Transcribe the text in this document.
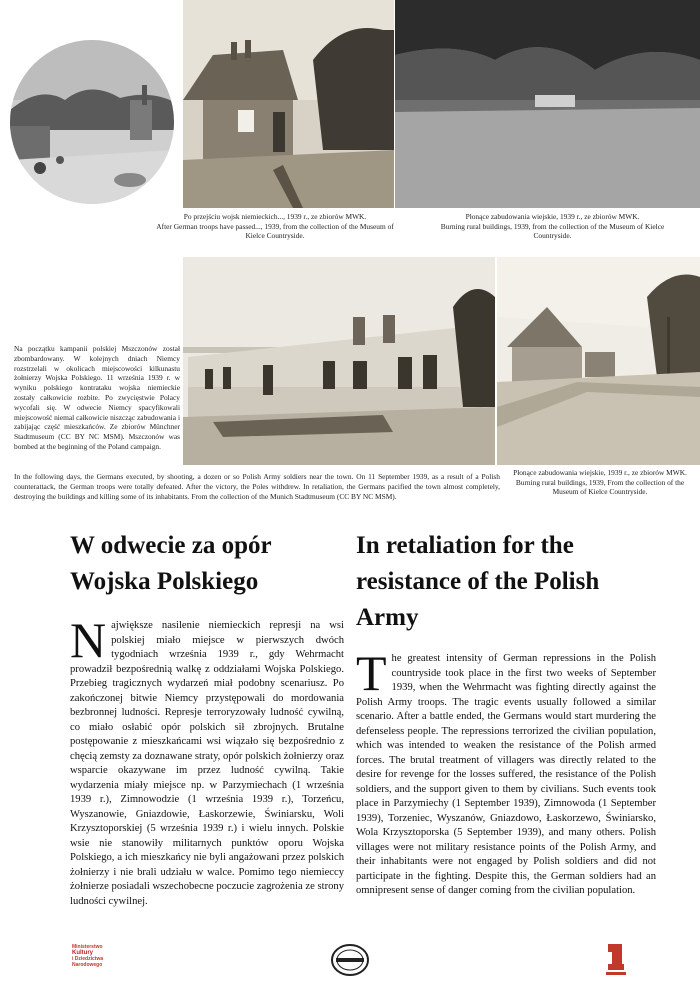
Po przejściu wojsk niemieckich..., 1939 r., ze zbiorów MWK.
After German troops have passed..., 1939, from the collection of the Museum of Kielce Countryside.
Płonące zabudowania wiejskie, 1939 r., ze zbiorów MWK.
Burning rural buildings, 1939, from the collection of the Museum of Kielce Countryside.

Na początku kampanii polskiej Mszczonów został zbombardowany. W kolejnych dniach Niemcy rozstrzelali w okolicach miejscowości kilkunastu żołnierzy Wojska Polskiego. 11 września 1939 r. w wyniku polskiego kontrataku wojska niemieckie zostały całkowicie rozbite. Po zwycięstwie Polacy wycofali się. W odwecie Niemcy spacyfikowali miejscowość niemal całkowicie niszcząc zabudowania i zabijając część mieszkańców. Ze zbiorów Münchner Stadtmuseum (CC BY NC MSM). Mszczonów was bombed at the beginning of the Poland campaign.

In the following days, the Germans executed, by shooting, a dozen or so Polish Army soldiers near the town. On 11 September 1939, as a result of a Polish counterattack, the German troops were totally defeated. After the victory, the Poles withdrew. In retaliation, the Germans pacified the town almost completely, destroying the buildings and killing some of its inhabitants. From the collection of the Munich Stadtmuseum (CC BY NC MSM).

Płonące zabudowania wiejskie, 1939 r., ze zbiorów MWK.
Burning rural buildings, 1939, From the collection of the Museum of Kielce Countryside.
W odwecie za opór Wojska Polskiego

Największe nasilenie niemieckich represji na wsi polskiej miało miejsce w pierwszych dwóch tygodniach września 1939 r., gdy Wehrmacht prowadził bezpośrednią walkę z oddziałami Wojska Polskiego. Przebieg tragicznych wydarzeń miał podobny scenariusz. Po zakończonej bitwie Niemcy przystępowali do mordowania bezbronnej ludności. Represje terroryzowały ludność cywilną, co miało osłabić opór polskich sił zbrojnych. Brutalne postępowanie z mieszkańcami wsi wiązało się bezpośrednio z chęcią zemsty za doznawane straty, opór polskich żołnierzy oraz wsparcie okazywane im przez ludność cywilną. Takie wydarzenia miały miejsce np. w Parzymiechach (1 września 1939 r.), Zimnowodzie (1 września 1939 r.), Torzeńcu, Wyszanowie, Gniazdowie, Łaskorzewie, Świniarsku, Woli Krzysztoporskiej (5 września 1939 r.) i wielu innych. Polskie wsie nie stanowiły militarnych punktów oporu Wojska Polskiego, a ich mieszkańcy nie byli angażowani przez polskich żołnierzy i nie brali udziału w walce. Pomimo tego niemieccy żołnierze posiadali wszechobecne poczucie zagrożenia ze strony ludności cywilnej.

In retaliation for the resistance of the Polish Army

The greatest intensity of German repressions in the Polish countryside took place in the first two weeks of September 1939, when the Wehrmacht was fighting directly against the Polish Army troops. The tragic events usually followed a similar scenario. After a battle ended, the Germans would start murdering the defenseless people. The repressions terrorized the civilian population, which was intended to weaken the resistance of the Polish armed forces. The brutal treatment of villagers was directly related to the desire for revenge for the losses suffered, the resistance of the Polish soldiers, and the support given to them by civilians. Such events took place in Parzymiechy (1 September 1939), Zimnowoda (1 September 1939), Torzeniec, Wyszanów, Gniazdowo, Łaskorzewo, Świniarsko, Wola Krzysztoporska (5 September 1939), and many others. Polish villages were not military resistance points of the Polish Army, and their inhabitants were not engaged by Polish soldiers and did not participate in the fighting. Despite this, the German soldiers had an omnipresent sense of danger coming from the civilian population.

Ministerstwo
Kultury
i Dziedzictwa
Narodowego
